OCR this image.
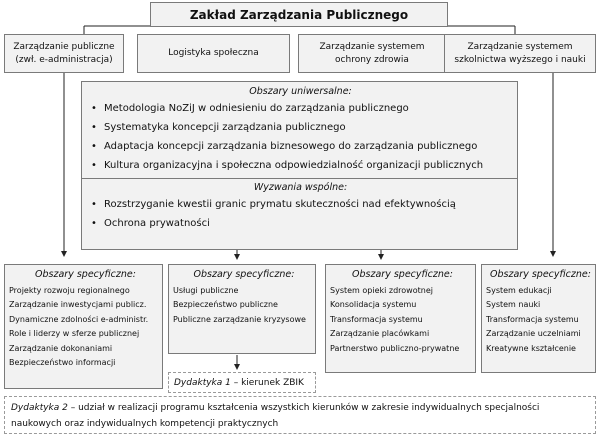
Zakład Zarządzania Publicznego
Zarządzanie publiczne
(zwł. e-administracja)
Logistyka społeczna
Zarządzanie systemem
ochrony zdrowia
Zarządzanie systemem
szkolnictwa wyższego i nauki
Obszary uniwersalne:
• Metodologia NoZiJ w odniesieniu do zarządzania publicznego
• Systematyka koncepcji zarządzania publicznego
• Adaptacja koncepcji zarządzania biznesowego do zarządzania publicznego
• Kultura organizacyjna i społeczna odpowiedzialność organizacji publicznych
Wyzwania wspólne:
• Rozstrzyganie kwestii granic prymatu skuteczności nad efektywnością
• Ochrona prywatności
Obszary specyficzne:
Projekty rozwoju regionalnego
Zarządzanie inwestycjami publicz.
Dynamiczne zdolności e-administr.
Role i liderzy w sferze publicznej
Zarządzanie dokonaniami
Bezpieczeństwo informacji
Obszary specyficzne:
Usługi publiczne
Bezpieczeństwo publiczne
Publiczne zarządzanie kryzysowe
Obszary specyficzne:
System opieki zdrowotnej
Konsolidacja systemu
Transformacja systemu
Zarządzanie placówkami
Partnerstwo publiczno-prywatne
Obszary specyficzne:
System edukacji
System nauki
Transformacja systemu
Zarządzanie uczelniami
Kreatywne kształcenie
Dydaktyka 1 – kierunek ZBIK
Dydaktyka 2 – udział w realizacji programu kształcenia wszystkich kierunków w zakresie indywidualnych specjalności naukowych oraz indywidualnych kompetencji praktycznych
